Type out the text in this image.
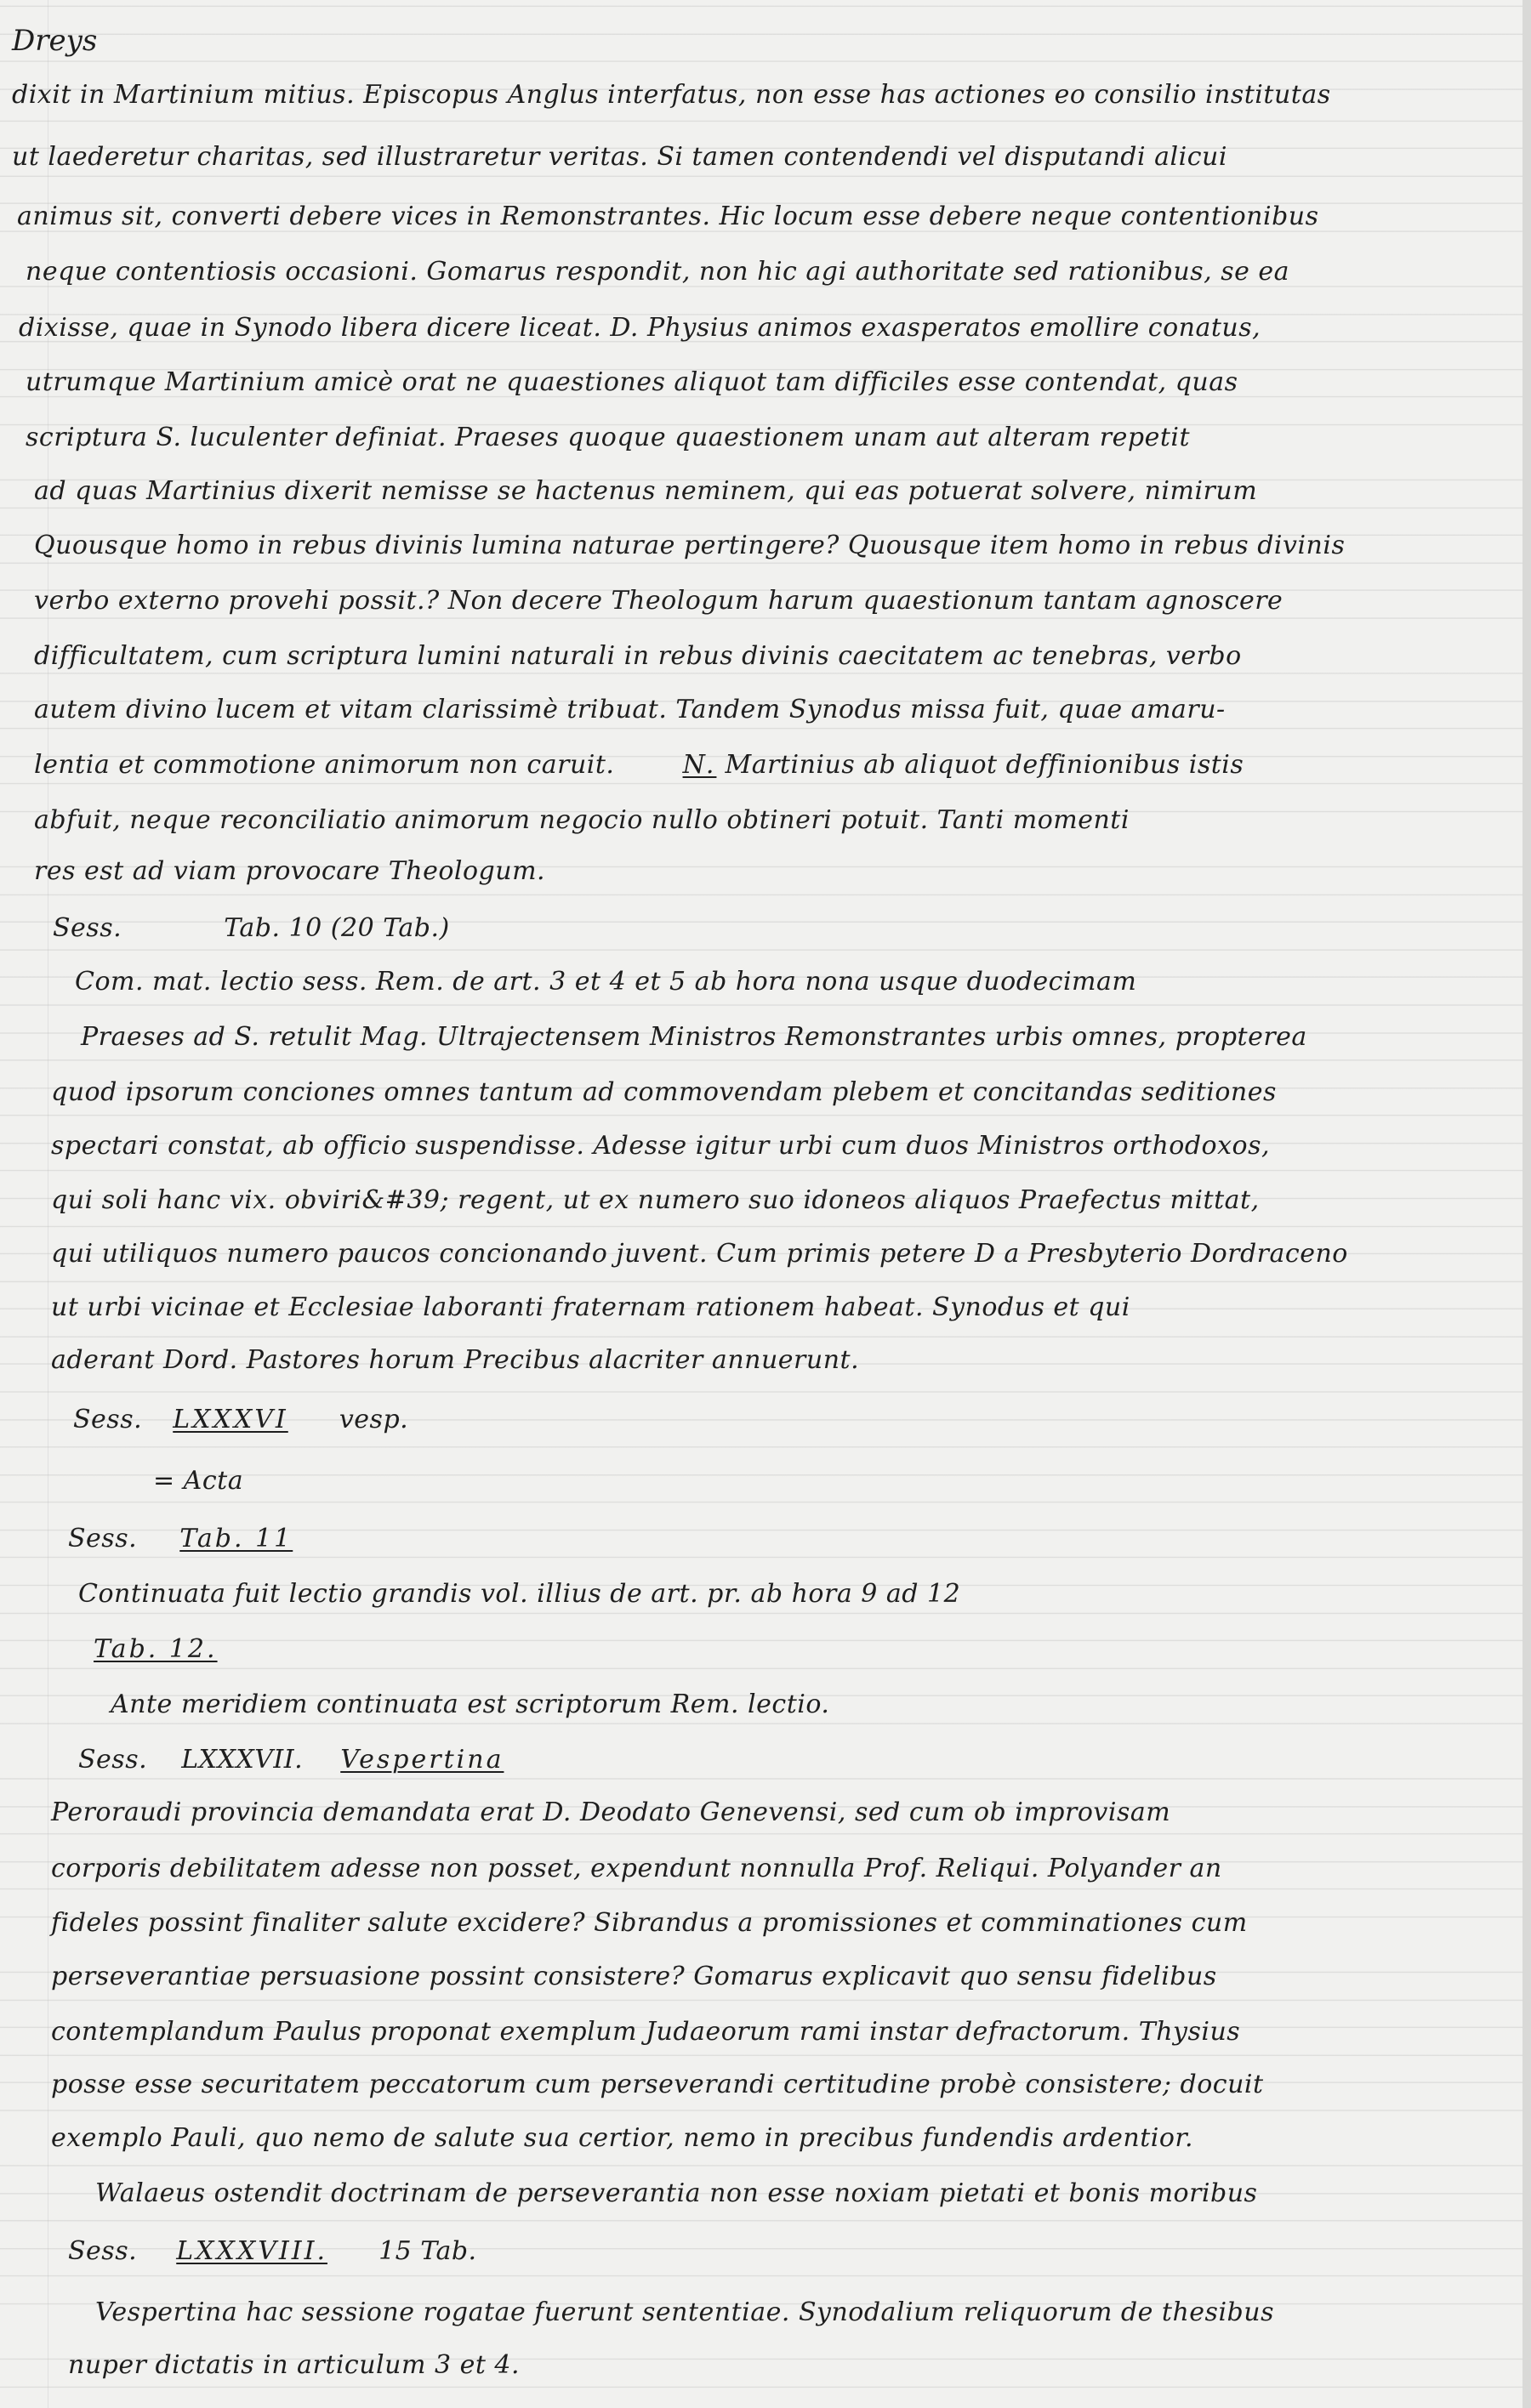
Dreys
dixit in Martinium mitius. Episcopus Anglus interfatus, non esse has actiones eo consilio institutas
ut laederetur charitas, sed illustraretur veritas. Si tamen contendendi vel disputandi alicui
animus sit, converti debere vices in Remonstrantes. Hic locum esse debere neque contentionibus
neque contentiosis occasioni. Gomarus respondit, non hic agi authoritate sed rationibus, se ea
dixisse, quae in Synodo libera dicere liceat. D. Physius animos exasperatos emollire conatus,
utrumque Martinium amicè orat ne quaestiones aliquot tam difficiles esse contendat, quas
scriptura S. luculenter definiat. Praeses quoque quaestionem unam aut alteram repetit
ad quas Martinius dixerit nemisse se hactenus neminem, qui eas potuerat solvere, nimirum
Quousque homo in rebus divinis lumina naturae pertingere? Quousque item homo in rebus divinis
verbo externo provehi possit.? Non decere Theologum harum quaestionum tantam agnoscere
difficultatem, cum scriptura lumini naturali in rebus divinis caecitatem ac tenebras, verbo
autem divino lucem et vitam clarissimè tribuat. Tandem Synodus missa fuit, quae amaru-
lentia et commotione animorum non caruit.	N. Martinius ab aliquot deffinionibus istis
abfuit, neque reconciliatio animorum negocio nullo obtineri potuit. Tanti momenti
res est ad viam provocare Theologum.
Sess.	Tab. 10 (20 Tab.)
Com. mat. lectio sess. Rem. de art. 3 et 4 et 5 ab hora nona usque duodecimam
Praeses ad S. retulit Mag. Ultrajectensem Ministros Remonstrantes urbis omnes, propterea
quod ipsorum conciones omnes tantum ad commovendam plebem et concitandas seditiones
spectari constat, ab officio suspendisse. Adesse igitur urbi cum duos Ministros orthodoxos,
qui soli hanc vix. obviri&#39; regent, ut ex numero suo idoneos aliquos Praefectus mittat,
qui utiliquos numero paucos concionando juvent. Cum primis petere D a Presbyterio Dordraceno
ut urbi vicinae et Ecclesiae laboranti fraternam rationem habeat. Synodus et qui
aderant Dord. Pastores horum Precibus alacriter annuerunt.
Sess. LXXXVI vesp.
= Acta
Sess. Tab. 11
Continuata fuit lectio grandis vol. illius de art. pr. ab hora 9 ad 12
Tab. 12.
Ante meridiem continuata est scriptorum Rem. lectio.
Sess. LXXXVII. Vespertina
Peroraudi provincia demandata erat D. Deodato Genevensi, sed cum ob improvisam
corporis debilitatem adesse non posset, expendunt nonnulla Prof. Reliqui. Polyander an
fideles possint finaliter salute excidere? Sibrandus a promissiones et comminationes cum
perseverantiae persuasione possint consistere? Gomarus explicavit quo sensu fidelibus
contemplandum Paulus proponat exemplum Judaeorum rami instar defractorum. Thysius
posse esse securitatem peccatorum cum perseverandi certitudine probè consistere; docuit
exemplo Pauli, quo nemo de salute sua certior, nemo in precibus fundendis ardentior.
Walaeus ostendit doctrinam de perseverantia non esse noxiam pietati et bonis moribus
Sess. LXXXVIII. 15 Tab.
Vespertina hac sessione rogatae fuerunt sententiae. Synodalium reliquorum de thesibus
nuper dictatis in articulum 3 et 4.
